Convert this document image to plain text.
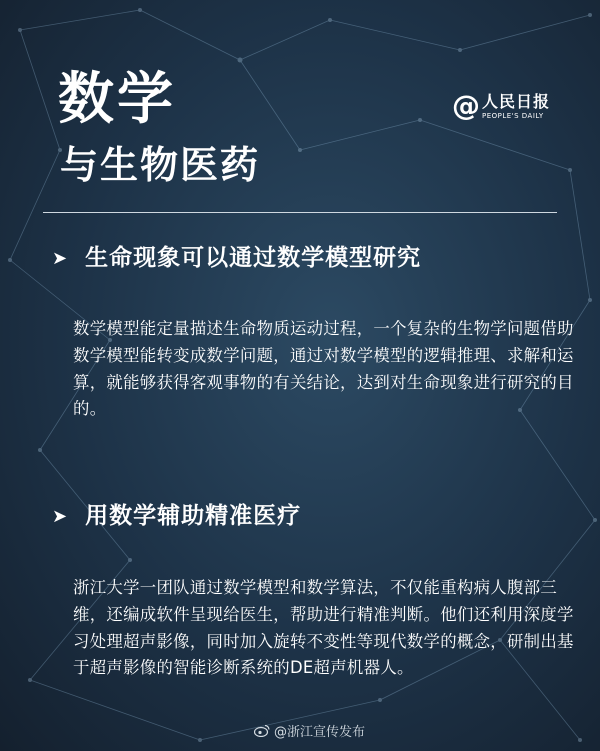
数学
与生物医药
@ 人民日报
PEOPLE'S DAILY
➤ 生命现象可以通过数学模型研究

数学模型能定量描述生命物质运动过程，一个复杂的生物学问题借助数学模型能转变成数学问题，通过对数学模型的逻辑推理、求解和运算，就能够获得客观事物的有关结论，达到对生命现象进行研究的目的。

➤ 用数学辅助精准医疗

浙江大学一团队通过数学模型和数学算法，不仅能重构病人腹部三维，还编成软件呈现给医生，帮助进行精准判断。他们还利用深度学习处理超声影像，同时加入旋转不变性等现代数学的概念，研制出基于超声影像的智能诊断系统的DE超声机器人。

@浙江宣传发布
